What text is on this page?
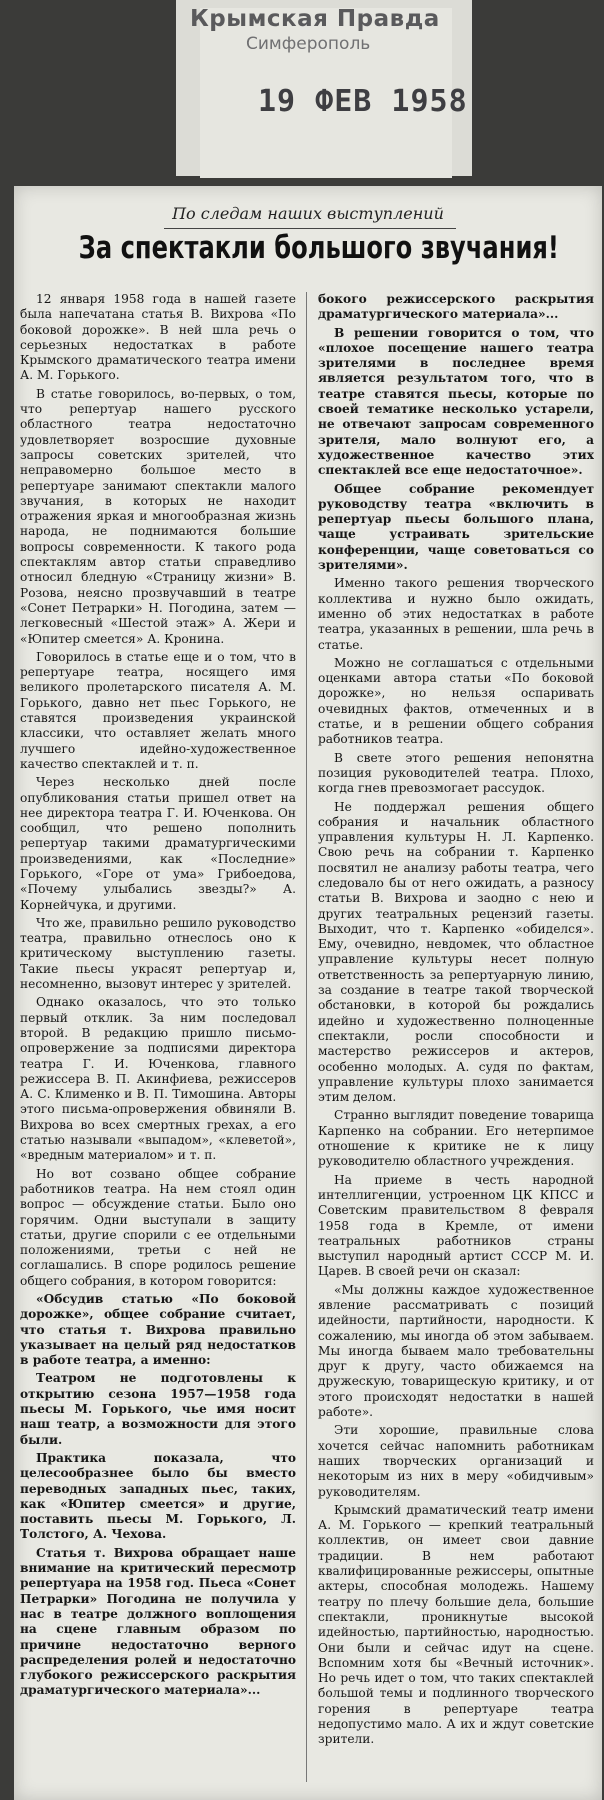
Крымская Правда
Симферополь
19 ФЕВ 1958
По следам наших выступлений
За спектакли большого звучания!

12 января 1958 года в нашей газете была напечатана статья В. Вихрова «По боковой дорожке». В ней шла речь о серьезных недостатках в работе Крымского драматического театра имени А. М. Горького.

В статье говорилось, во-первых, о том, что репертуар нашего русского областного театра недостаточно удовлетворяет возросшие духовные запросы советских зрителей, что неправомерно большое место в репертуаре занимают спектакли малого звучания, в которых не находит отражения яркая и многообразная жизнь народа, не поднимаются большие вопросы современности. К такого рода спектаклям автор статьи справедливо относил бледную «Страницу жизни» В. Розова, неясно прозвучавший в театре «Сонет Петрарки» Н. Погодина, затем — легковесный «Шестой этаж» А. Жери и «Юпитер смеется» А. Кронина.

Говорилось в статье еще и о том, что в репертуаре театра, носящего имя великого пролетарского писателя А. М. Горького, давно нет пьес Горького, не ставятся произведения украинской классики, что оставляет желать много лучшего идейно-художественное качество спектаклей и т. п.

Через несколько дней после опубликования статьи пришел ответ на нее директора театра Г. И. Юченкова. Он сообщил, что решено пополнить репертуар такими драматургическими произведениями, как «Последние» Горького, «Горе от ума» Грибоедова, «Почему улыбались звезды?» А. Корнейчука, и другими.

Что же, правильно решило руководство театра, правильно отнеслось оно к критическому выступлению газеты. Такие пьесы украсят репертуар и, несомненно, вызовут интерес у зрителей.

Однако оказалось, что это только первый отклик. За ним последовал второй. В редакцию пришло письмо-опровержение за подписями директора театра Г. И. Юченкова, главного режиссера В. П. Акинфиева, режиссеров А. С. Клименко и В. П. Тимошина. Авторы этого письма-опровержения обвиняли В. Вихрова во всех смертных грехах, а его статью называли «выпадом», «клеветой», «вредным материалом» и т. п.

Но вот созвано общее собрание работников театра. На нем стоял один вопрос — обсуждение статьи. Было оно горячим. Одни выступали в защиту статьи, другие спорили с ее отдельными положениями, третьи с ней не соглашались. В споре родилось решение общего собрания, в котором говорится:

«Обсудив статью «По боковой дорожке», общее собрание считает, что статья т. Вихрова правильно указывает на целый ряд недостатков в работе театра, а именно:

Театром не подготовлены к открытию сезона 1957—1958 года пьесы М. Горького, чье имя носит наш театр, а возможности для этого были.

Практика показала, что целесообразнее было бы вместо переводных западных пьес, таких, как «Юпитер смеется» и другие, поставить пьесы М. Горького, Л. Толстого, А. Чехова.

Статья т. Вихрова обращает наше внимание на критический пересмотр репертуара на 1958 год. Пьеса «Сонет Петрарки» Погодина не получила у нас в театре должного воплощения на сцене главным образом по причине недостаточно верного распределения ролей и недостаточно глубокого режиссерского раскрытия драматургического материала»...

бокого режиссерского раскрытия драматургического материала»...

В решении говорится о том, что «плохое посещение нашего театра зрителями в последнее время является результатом того, что в театре ставятся пьесы, которые по своей тематике несколько устарели, не отвечают запросам современного зрителя, мало волнуют его, а художественное качество этих спектаклей все еще недостаточное».

Общее собрание рекомендует руководству театра «включить в репертуар пьесы большого плана, чаще устраивать зрительские конференции, чаще советоваться со зрителями».

Именно такого решения творческого коллектива и нужно было ожидать, именно об этих недостатках в работе театра, указанных в решении, шла речь в статье.

Можно не соглашаться с отдельными оценками автора статьи «По боковой дорожке», но нельзя оспаривать очевидных фактов, отмеченных и в статье, и в решении общего собрания работников театра.

В свете этого решения непонятна позиция руководителей театра. Плохо, когда гнев превозмогает рассудок.

Не поддержал решения общего собрания и начальник областного управления культуры Н. Л. Карпенко. Свою речь на собрании т. Карпенко посвятил не анализу работы театра, чего следовало бы от него ожидать, а разносу статьи В. Вихрова и заодно с нею и других театральных рецензий газеты. Выходит, что т. Карпенко «обиделся». Ему, очевидно, невдомек, что областное управление культуры несет полную ответственность за репертуарную линию, за создание в театре такой творческой обстановки, в которой бы рождались идейно и художественно полноценные спектакли, росли способности и мастерство режиссеров и актеров, особенно молодых. А. судя по фактам, управление культуры плохо занимается этим делом.

Странно выглядит поведение товарища Карпенко на собрании. Его нетерпимое отношение к критике не к лицу руководителю областного учреждения.

На приеме в честь народной интеллигенции, устроенном ЦК КПСС и Советским правительством 8 февраля 1958 года в Кремле, от имени театральных работников страны выступил народный артист СССР М. И. Царев. В своей речи он сказал:

«Мы должны каждое художественное явление рассматривать с позиций идейности, партийности, народности. К сожалению, мы иногда об этом забываем. Мы иногда бываем мало требовательны друг к другу, часто обижаемся на дружескую, товарищескую критику, и от этого происходят недостатки в нашей работе».

Эти хорошие, правильные слова хочется сейчас напомнить работникам наших творческих организаций и некоторым из них в меру «обидчивым» руководителям.

Крымский драматический театр имени А. М. Горького — крепкий театральный коллектив, он имеет свои давние традиции. В нем работают квалифицированные режиссеры, опытные актеры, способная молодежь. Нашему театру по плечу большие дела, большие спектакли, проникнутые высокой идейностью, партийностью, народностью. Они были и сейчас идут на сцене. Вспомним хотя бы «Вечный источник». Но речь идет о том, что таких спектаклей большой темы и подлинного творческого горения в репертуаре театра недопустимо мало. А их и ждут советские зрители.
